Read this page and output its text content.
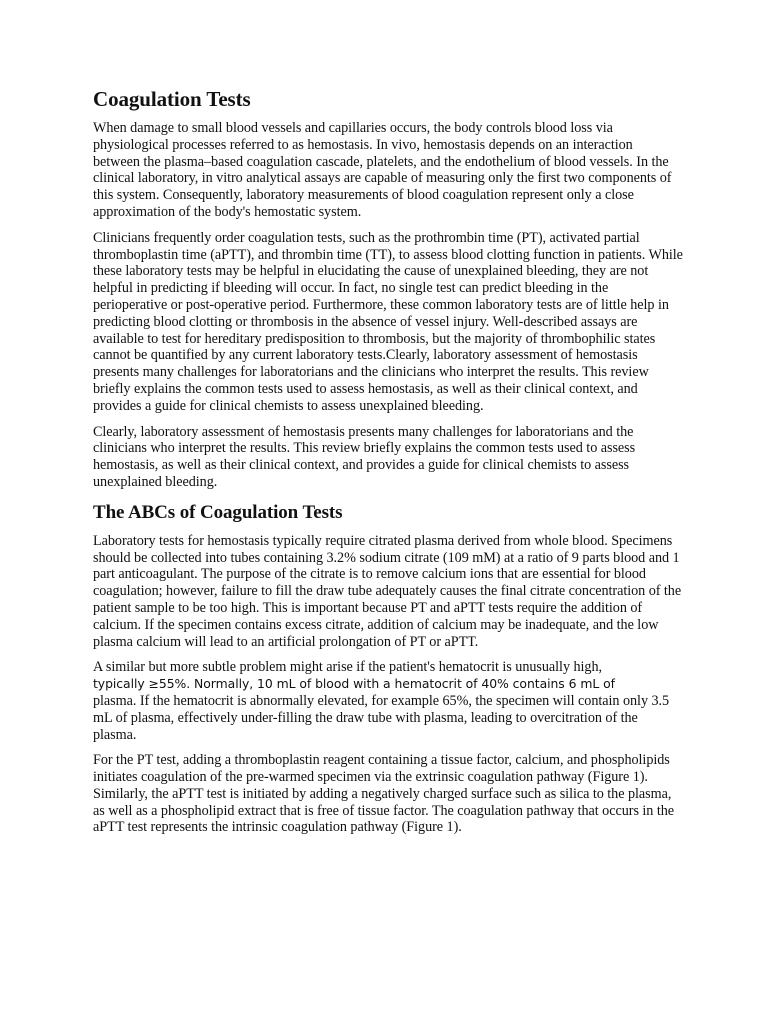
Coagulation Tests

When damage to small blood vessels and capillaries occurs, the body controls blood loss via physiological processes referred to as hemostasis. In vivo, hemostasis depends on an interaction between the plasma–based coagulation cascade, platelets, and the endothelium of blood vessels. In the clinical laboratory, in vitro analytical assays are capable of measuring only the first two components of this system. Consequently, laboratory measurements of blood coagulation represent only a close approximation of the body's hemostatic system.

Clinicians frequently order coagulation tests, such as the prothrombin time (PT), activated partial thromboplastin time (aPTT), and thrombin time (TT), to assess blood clotting function in patients. While these laboratory tests may be helpful in elucidating the cause of unexplained bleeding, they are not helpful in predicting if bleeding will occur. In fact, no single test can predict bleeding in the perioperative or post-operative period. Furthermore, these common laboratory tests are of little help in predicting blood clotting or thrombosis in the absence of vessel injury. Well-described assays are available to test for hereditary predisposition to thrombosis, but the majority of thrombophilic states cannot be quantified by any current laboratory tests.Clearly, laboratory assessment of hemostasis presents many challenges for laboratorians and the clinicians who interpret the results. This review briefly explains the common tests used to assess hemostasis, as well as their clinical context, and provides a guide for clinical chemists to assess unexplained bleeding.

Clearly, laboratory assessment of hemostasis presents many challenges for laboratorians and the clinicians who interpret the results. This review briefly explains the common tests used to assess hemostasis, as well as their clinical context, and provides a guide for clinical chemists to assess unexplained bleeding.

The ABCs of Coagulation Tests

Laboratory tests for hemostasis typically require citrated plasma derived from whole blood. Specimens should be collected into tubes containing 3.2% sodium citrate (109 mM) at a ratio of 9 parts blood and 1 part anticoagulant. The purpose of the citrate is to remove calcium ions that are essential for blood coagulation; however, failure to fill the draw tube adequately causes the final citrate concentration of the patient sample to be too high. This is important because PT and aPTT tests require the addition of calcium. If the specimen contains excess citrate, addition of calcium may be inadequate, and the low plasma calcium will lead to an artificial prolongation of PT or aPTT.

A similar but more subtle problem might arise if the patient's hematocrit is unusually high,
typically ≥55%. Normally, 10 mL of blood with a hematocrit of 40% contains 6 mL of
plasma. If the hematocrit is abnormally elevated, for example 65%, the specimen will contain only 3.5 mL of plasma, effectively under-filling the draw tube with plasma, leading to overcitration of the plasma.

For the PT test, adding a thromboplastin reagent containing a tissue factor, calcium, and phospholipids initiates coagulation of the pre-warmed specimen via the extrinsic coagulation pathway (Figure 1). Similarly, the aPTT test is initiated by adding a negatively charged surface such as silica to the plasma, as well as a phospholipid extract that is free of tissue factor. The coagulation pathway that occurs in the aPTT test represents the intrinsic coagulation pathway (Figure 1).
